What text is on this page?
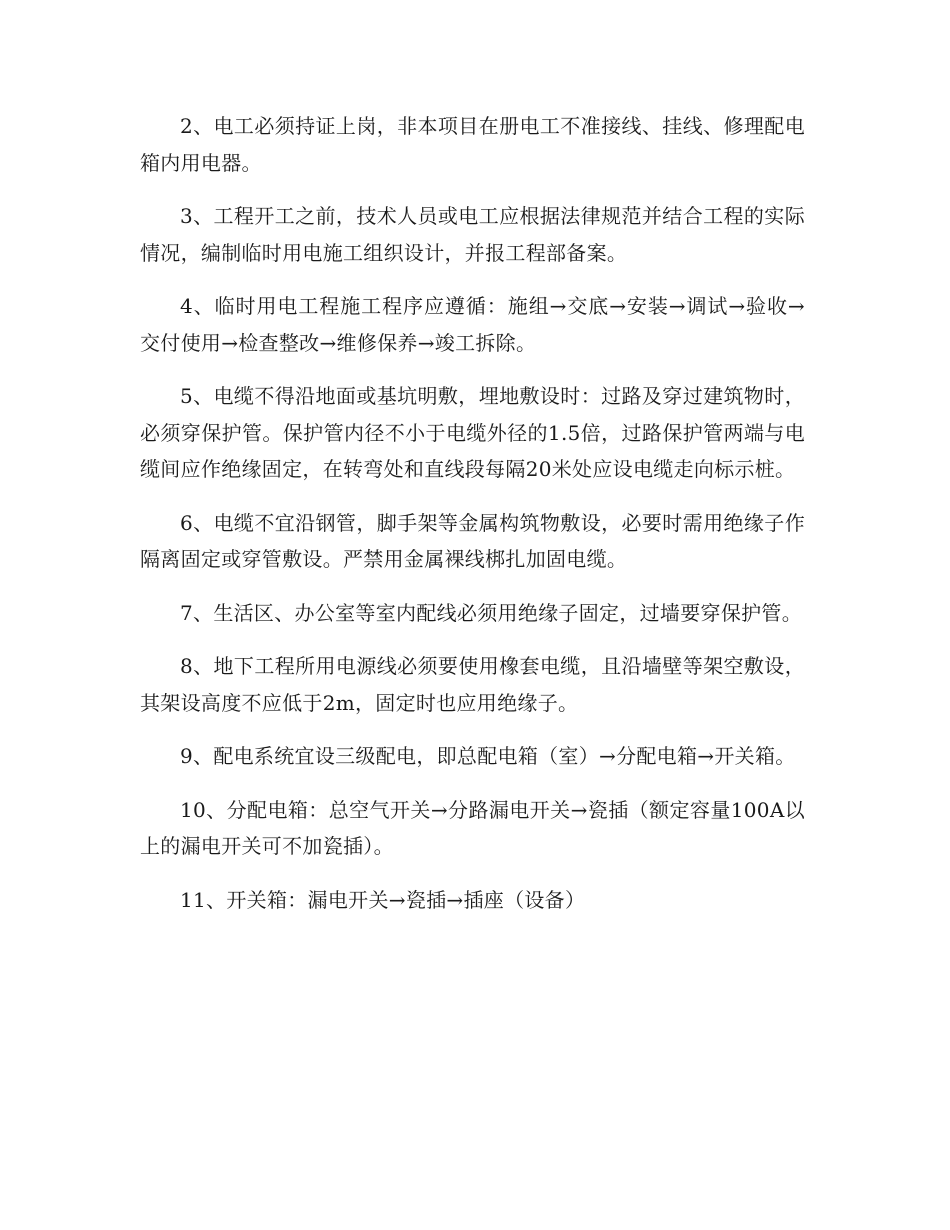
2、电工必须持证上岗，非本项目在册电工不准接线、挂线、修理配电箱内用电器。

3、工程开工之前，技术人员或电工应根据法律规范并结合工程的实际情况，编制临时用电施工组织设计，并报工程部备案。

4、临时用电工程施工程序应遵循：施组→交底→安装→调试→验收→交付使用→检查整改→维修保养→竣工拆除。

5、电缆不得沿地面或基坑明敷，埋地敷设时：过路及穿过建筑物时，必须穿保护管。保护管内径不小于电缆外径的1.5倍，过路保护管两端与电缆间应作绝缘固定，在转弯处和直线段每隔20米处应设电缆走向标示桩。

6、电缆不宜沿钢管，脚手架等金属构筑物敷设，必要时需用绝缘子作隔离固定或穿管敷设。严禁用金属裸线梆扎加固电缆。

7、生活区、办公室等室内配线必须用绝缘子固定，过墙要穿保护管。

8、地下工程所用电源线必须要使用橡套电缆，且沿墙壁等架空敷设，其架设高度不应低于2m，固定时也应用绝缘子。

9、配电系统宜设三级配电，即总配电箱（室）→分配电箱→开关箱。

10、分配电箱：总空气开关→分路漏电开关→瓷插（额定容量100A以上的漏电开关可不加瓷插）。

11、开关箱：漏电开关→瓷插→插座（设备）
